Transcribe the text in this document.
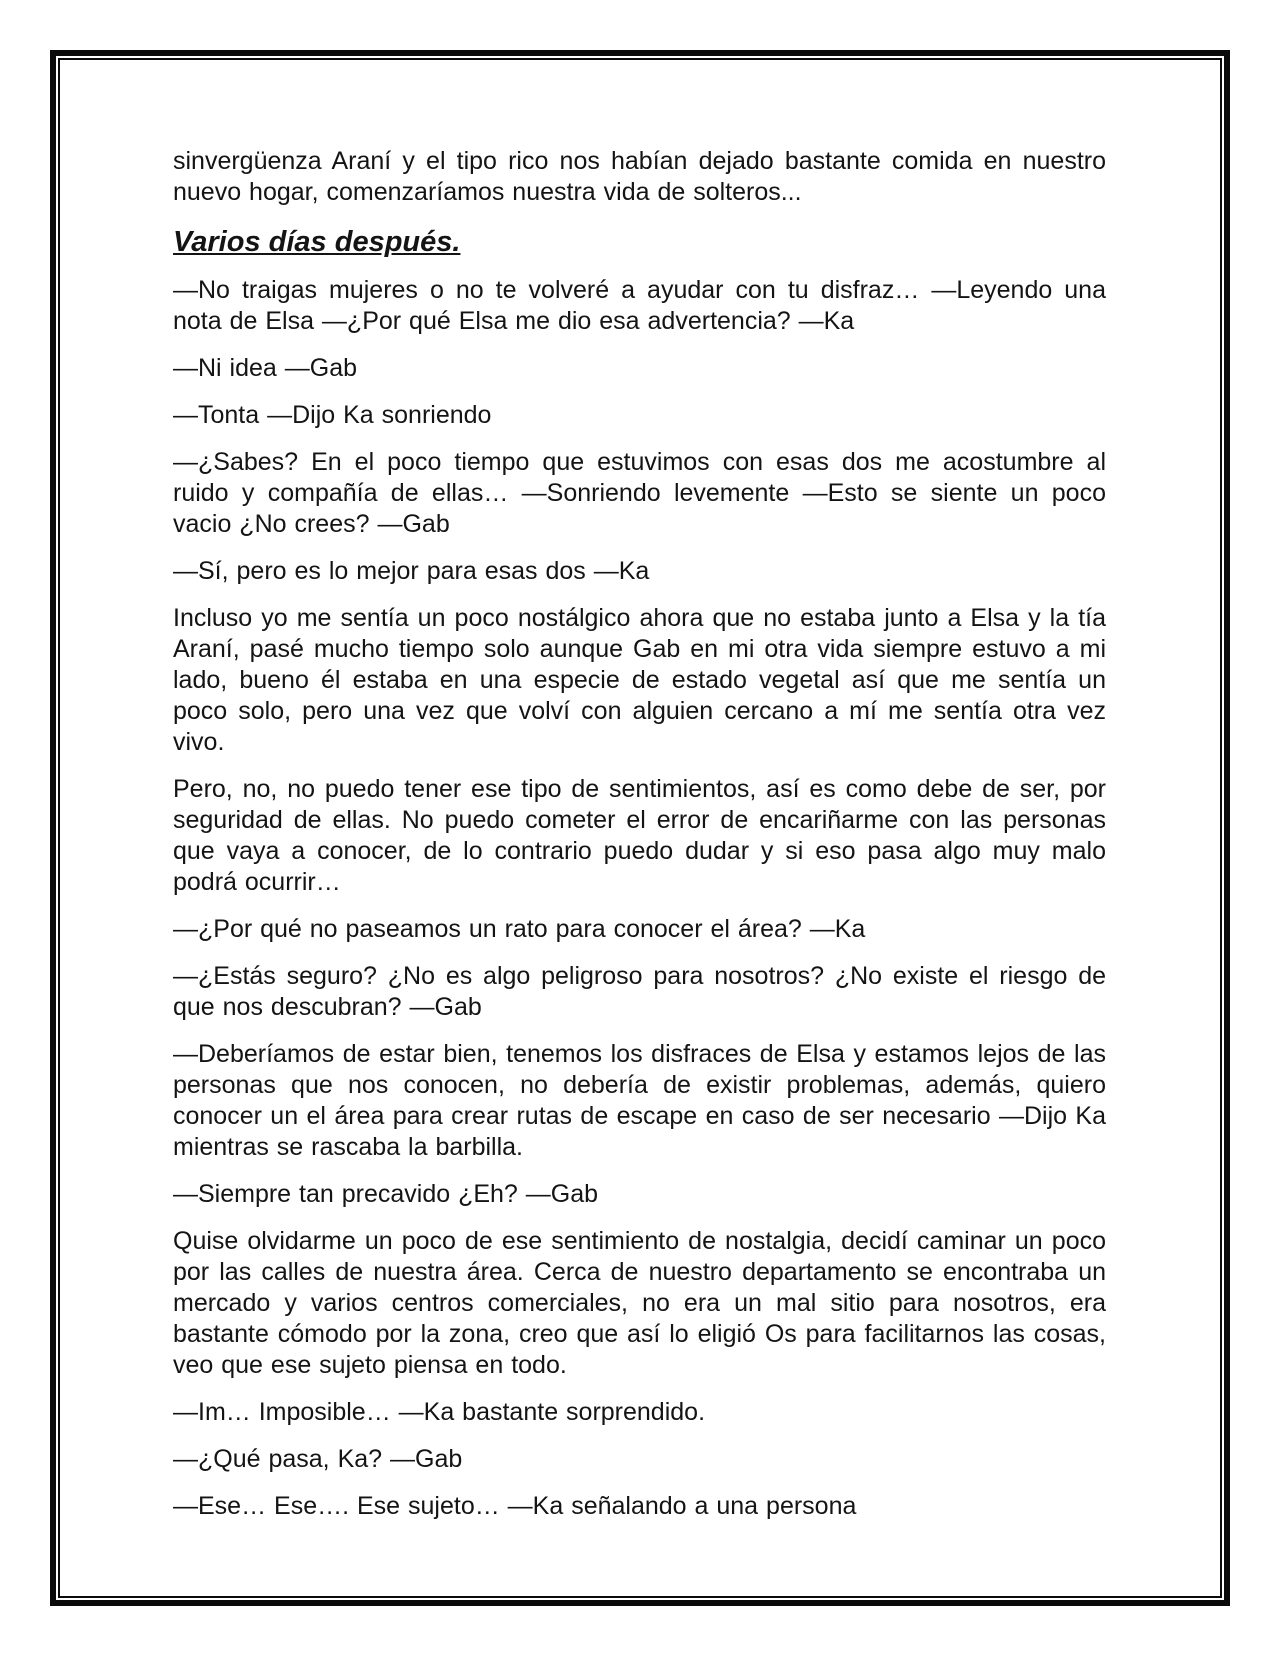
sinvergüenza Araní y el tipo rico nos habían dejado bastante comida en nuestro nuevo hogar, comenzaríamos nuestra vida de solteros...

Varios días después.

—No traigas mujeres o no te volveré a ayudar con tu disfraz… —Leyendo una nota de Elsa —¿Por qué Elsa me dio esa advertencia? —Ka

—Ni idea —Gab

—Tonta —Dijo Ka sonriendo

—¿Sabes? En el poco tiempo que estuvimos con esas dos me acostumbre al ruido y compañía de ellas… —Sonriendo levemente —Esto se siente un poco vacio ¿No crees? —Gab

—Sí, pero es lo mejor para esas dos —Ka

Incluso yo me sentía un poco nostálgico ahora que no estaba junto a Elsa y la tía Araní, pasé mucho tiempo solo aunque Gab en mi otra vida siempre estuvo a mi lado, bueno él estaba en una especie de estado vegetal así que me sentía un poco solo, pero una vez que volví con alguien cercano a mí me sentía otra vez vivo.

Pero, no, no puedo tener ese tipo de sentimientos, así es como debe de ser, por seguridad de ellas. No puedo cometer el error de encariñarme con las personas que vaya a conocer, de lo contrario puedo dudar y si eso pasa algo muy malo podrá ocurrir…

—¿Por qué no paseamos un rato para conocer el área? —Ka

—¿Estás seguro? ¿No es algo peligroso para nosotros? ¿No existe el riesgo de que nos descubran? —Gab

—Deberíamos de estar bien, tenemos los disfraces de Elsa y estamos lejos de las personas que nos conocen, no debería de existir problemas, además, quiero conocer un el área para crear rutas de escape en caso de ser necesario —Dijo Ka mientras se rascaba la barbilla.

—Siempre tan precavido ¿Eh? —Gab

Quise olvidarme un poco de ese sentimiento de nostalgia, decidí caminar un poco por las calles de nuestra área. Cerca de nuestro departamento se encontraba un mercado y varios centros comerciales, no era un mal sitio para nosotros, era bastante cómodo por la zona, creo que así lo eligió Os para facilitarnos las cosas, veo que ese sujeto piensa en todo.

—Im… Imposible… —Ka bastante sorprendido.

—¿Qué pasa, Ka? —Gab

—Ese… Ese…. Ese sujeto… —Ka señalando a una persona
